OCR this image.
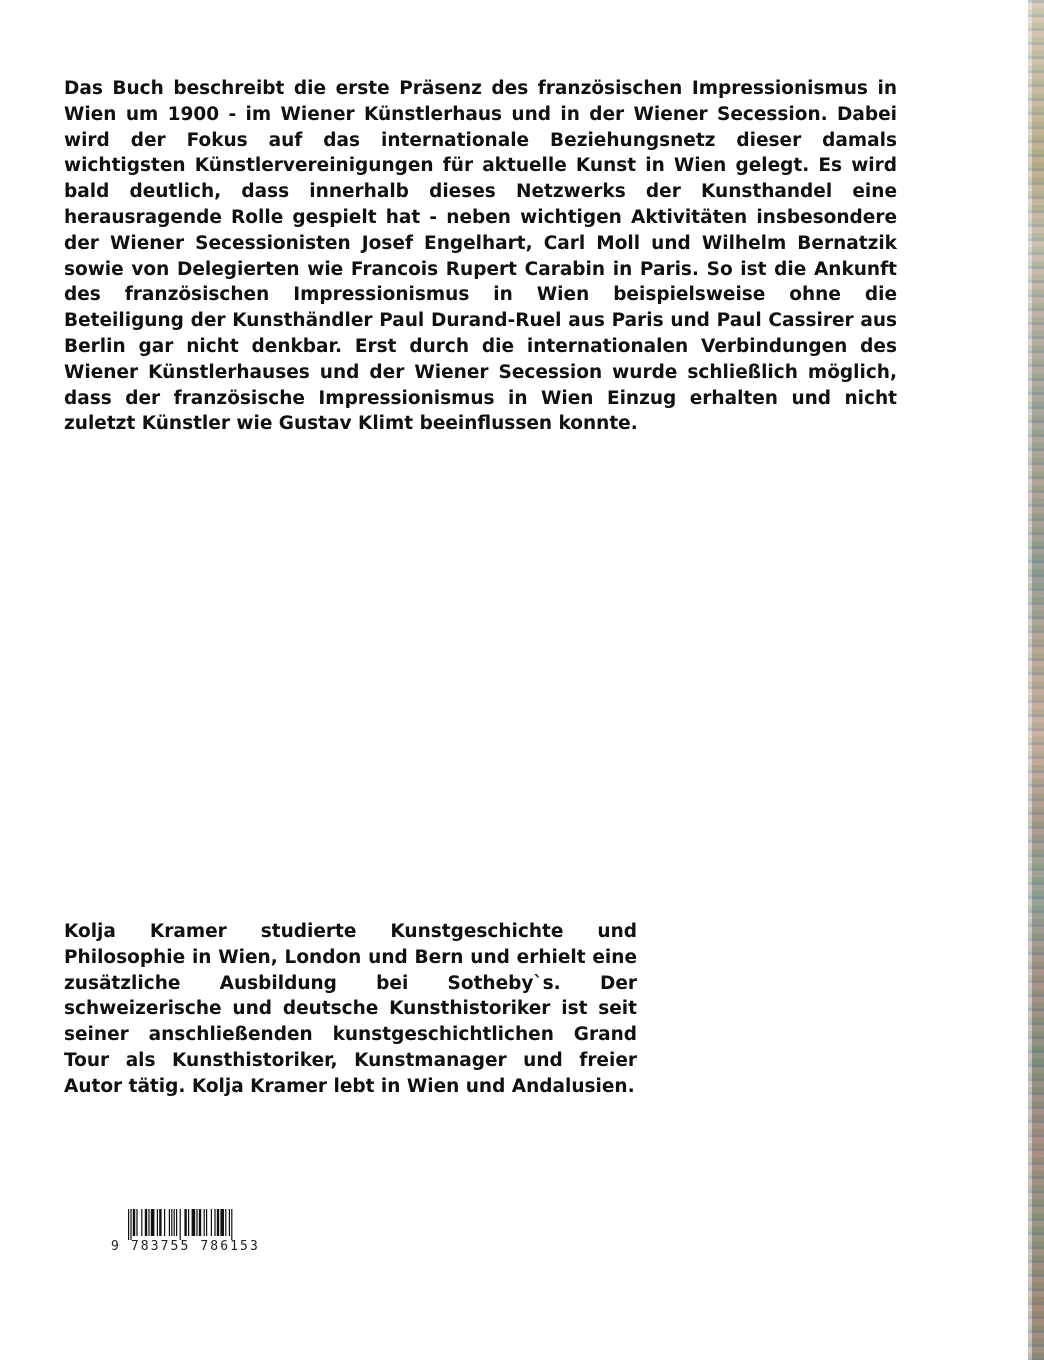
Das Buch beschreibt die erste Präsenz des französischen Impressionismus in Wien um 1900 - im Wiener Künstlerhaus und in der Wiener Secession. Dabei wird der Fokus auf das internationale Beziehungsnetz dieser damals wichtigsten Künstlervereinigungen für aktuelle Kunst in Wien gelegt. Es wird bald deutlich, dass innerhalb dieses Netzwerks der Kunsthandel eine herausragende Rolle gespielt hat - neben wichtigen Aktivitäten insbesondere der Wiener Secessionisten Josef Engelhart, Carl Moll und Wilhelm Bernatzik sowie von Delegierten wie Francois Rupert Carabin in Paris. So ist die Ankunft des französischen Impressionismus in Wien beispielsweise ohne die Beteiligung der Kunsthändler Paul Durand-Ruel aus Paris und Paul Cassirer aus Berlin gar nicht denkbar. Erst durch die internationalen Verbindungen des Wiener Künstlerhauses und der Wiener Secession wurde schließlich möglich, dass der französische Impressionismus in Wien Einzug erhalten und nicht zuletzt Künstler wie Gustav Klimt beeinflussen konnte.

Kolja Kramer studierte Kunstgeschichte und Philosophie in Wien, London und Bern und erhielt eine zusätzliche Ausbildung bei Sotheby`s. Der schweizerische und deutsche Kunsthistoriker ist seit seiner anschließenden kunstgeschichtlichen Grand Tour als Kunsthistoriker, Kunstmanager und freier Autor tätig. Kolja Kramer lebt in Wien und Andalusien.

9 783755 786153
